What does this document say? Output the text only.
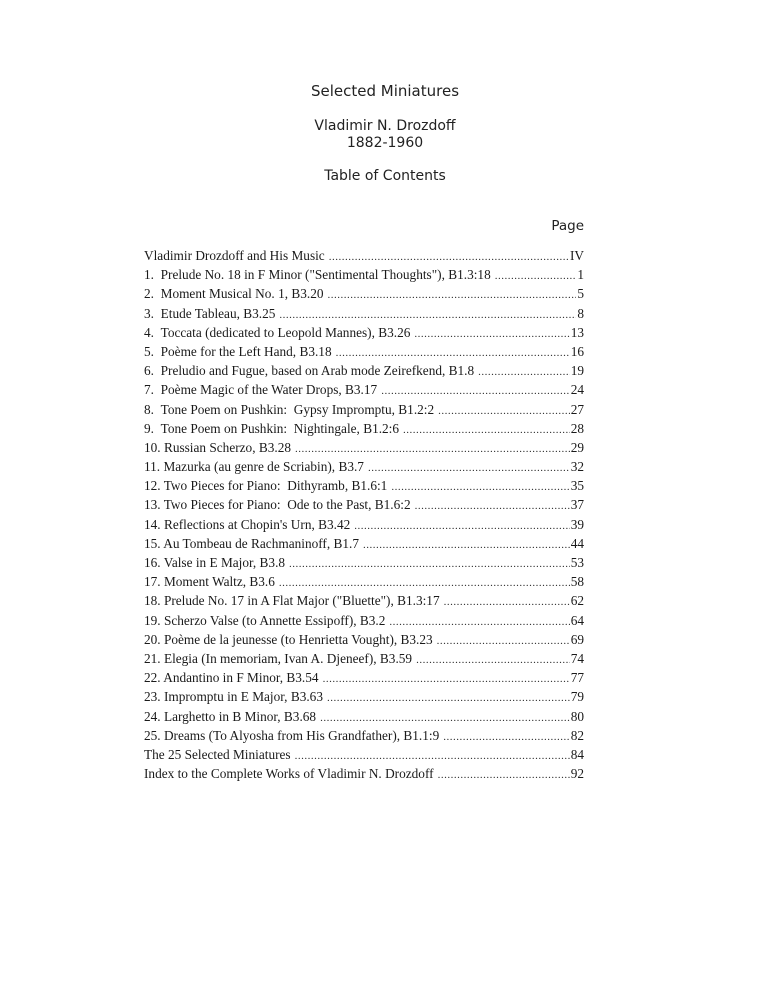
Selected Miniatures
Vladimir N. Drozdoff
1882-1960
Table of Contents
Page
Vladimir Drozdoff and His Music .....	IV
1.  Prelude No. 18 in F Minor ("Sentimental Thoughts"), B1.3:18 .....	1
2.  Moment Musical No. 1, B3.20 .....	5
3.  Etude Tableau, B3.25 .....	8
4.  Toccata (dedicated to Leopold Mannes), B3.26 .....	13
5.  Poème for the Left Hand, B3.18 .....	16
6.  Preludio and Fugue, based on Arab mode Zeirefkend, B1.8 .....	19
7.  Poème Magic of the Water Drops, B3.17 .....	24
8.  Tone Poem on Pushkin:  Gypsy Impromptu, B1.2:2 .....	27
9.  Tone Poem on Pushkin:  Nightingale, B1.2:6 .....	28
10. Russian Scherzo, B3.28 .....	29
11. Mazurka (au genre de Scriabin), B3.7 .....	32
12. Two Pieces for Piano:  Dithyramb, B1.6:1 .....	35
13. Two Pieces for Piano:  Ode to the Past, B1.6:2 .....	37
14. Reflections at Chopin's Urn, B3.42 .....	39
15. Au Tombeau de Rachmaninoff, B1.7 .....	44
16. Valse in E Major, B3.8 .....	53
17. Moment Waltz, B3.6 .....	58
18. Prelude No. 17 in A Flat Major ("Bluette"), B1.3:17 .....	62
19. Scherzo Valse (to Annette Essipoff), B3.2 .....	64
20. Poème de la jeunesse (to Henrietta Vought), B3.23 .....	69
21. Elegia (In memoriam, Ivan A. Djeneef), B3.59 .....	74
22. Andantino in F Minor, B3.54 .....	77
23. Impromptu in E Major, B3.63 .....	79
24. Larghetto in B Minor, B3.68 .....	80
25. Dreams (To Alyosha from His Grandfather), B1.1:9 .....	82
The 25 Selected Miniatures .....	84
Index to the Complete Works of Vladimir N. Drozdoff .....	92
